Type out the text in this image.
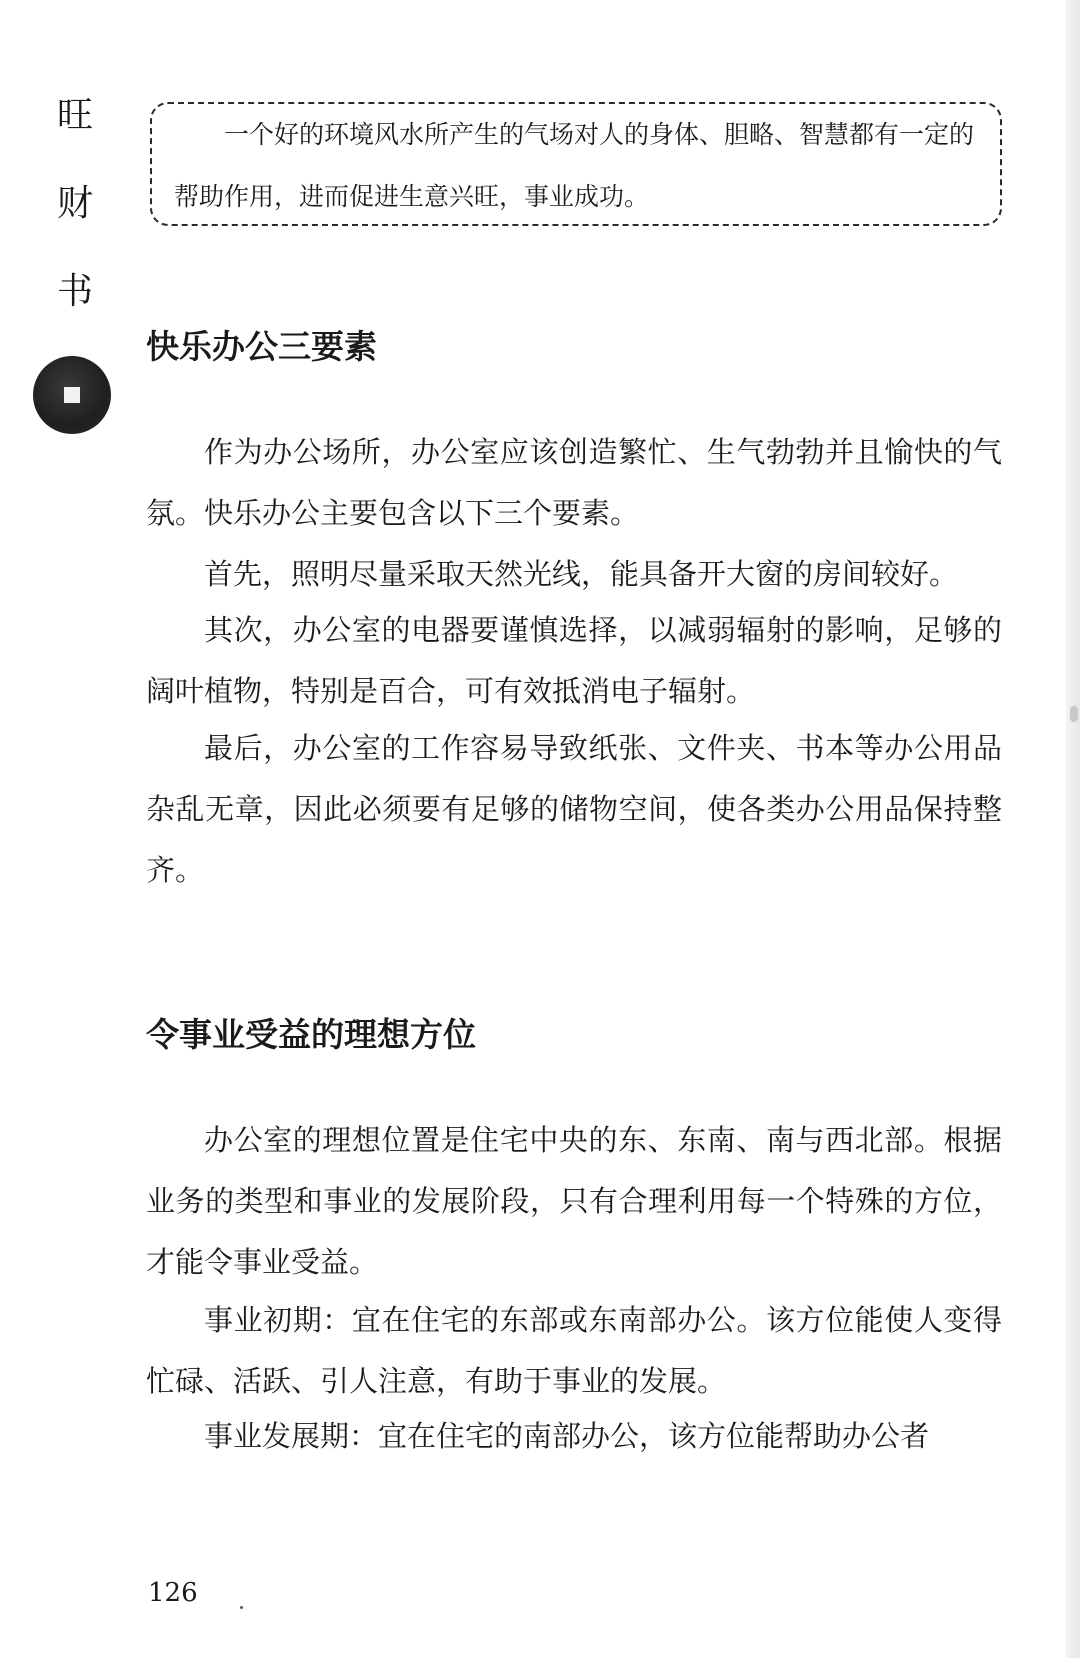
旺
财
书

一个好的环境风水所产生的气场对人的身体、胆略、智慧都有一定的帮助作用，进而促进生意兴旺，事业成功。

快乐办公三要素

作为办公场所，办公室应该创造繁忙、生气勃勃并且愉快的气氛。快乐办公主要包含以下三个要素。

首先，照明尽量采取天然光线，能具备开大窗的房间较好。

其次，办公室的电器要谨慎选择，以减弱辐射的影响，足够的阔叶植物，特别是百合，可有效抵消电子辐射。

最后，办公室的工作容易导致纸张、文件夹、书本等办公用品杂乱无章，因此必须要有足够的储物空间，使各类办公用品保持整齐。

令事业受益的理想方位

办公室的理想位置是住宅中央的东、东南、南与西北部。根据业务的类型和事业的发展阶段，只有合理利用每一个特殊的方位，才能令事业受益。

事业初期：宜在住宅的东部或东南部办公。该方位能使人变得忙碌、活跃、引人注意，有助于事业的发展。

事业发展期：宜在住宅的南部办公，该方位能帮助办公者

126
